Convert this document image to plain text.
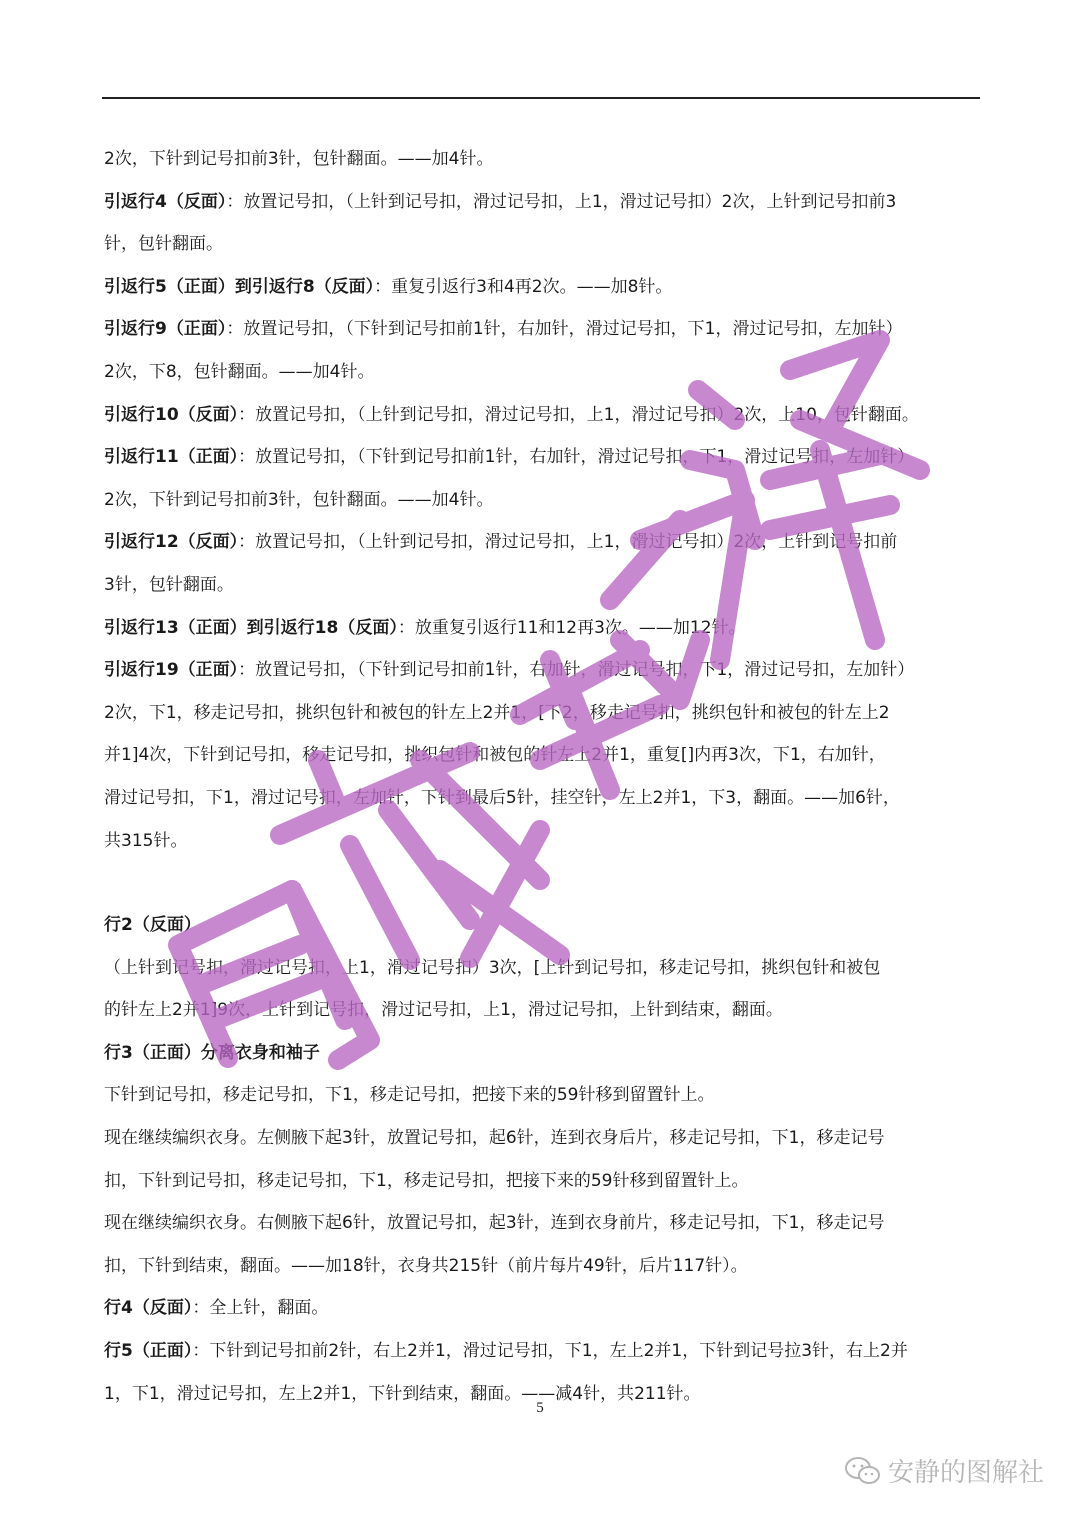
2次，下针到记号扣前3针，包针翻面。——加4针。

引返行4（反面）：放置记号扣，（上针到记号扣，滑过记号扣，上1，滑过记号扣）2次，上针到记号扣前3

针，包针翻面。

引返行5（正面）到引返行8（反面）：重复引返行3和4再2次。——加8针。

引返行9（正面）：放置记号扣，（下针到记号扣前1针，右加针，滑过记号扣，下1，滑过记号扣，左加针）

2次，下8，包针翻面。——加4针。

引返行10（反面）：放置记号扣，（上针到记号扣，滑过记号扣，上1，滑过记号扣）2次，上10，包针翻面。

引返行11（正面）：放置记号扣，（下针到记号扣前1针，右加针，滑过记号扣，下1，滑过记号扣，左加针）

2次，下针到记号扣前3针，包针翻面。——加4针。

引返行12（反面）：放置记号扣，（上针到记号扣，滑过记号扣，上1，滑过记号扣）2次，上针到记号扣前

3针，包针翻面。

引返行13（正面）到引返行18（反面）：放重复引返行11和12再3次。——加12针。

引返行19（正面）：放置记号扣，（下针到记号扣前1针，右加针，滑过记号扣，下1，滑过记号扣，左加针）

2次，下1，移走记号扣，挑织包针和被包的针左上2并1，[下2，移走记号扣，挑织包针和被包的针左上2

并1]4次，下针到记号扣，移走记号扣，挑织包针和被包的针左上2并1，重复[]内再3次，下1，右加针，

滑过记号扣，下1，滑过记号扣，左加针，下针到最后5针，挂空针，左上2并1，下3，翻面。——加6针，

共315针。

行2（反面）

（上针到记号扣，滑过记号扣，上1，滑过记号扣）3次，[上针到记号扣，移走记号扣，挑织包针和被包

的针左上2并1]9次，上针到记号扣，滑过记号扣，上1，滑过记号扣，上针到结束，翻面。

行3（正面）分离衣身和袖子

下针到记号扣，移走记号扣，下1，移走记号扣，把接下来的59针移到留置针上。

现在继续编织衣身。左侧腋下起3针，放置记号扣，起6针，连到衣身后片，移走记号扣，下1，移走记号

扣，下针到记号扣，移走记号扣，下1，移走记号扣，把接下来的59针移到留置针上。

现在继续编织衣身。右侧腋下起6针，放置记号扣，起3针，连到衣身前片，移走记号扣，下1，移走记号

扣，下针到结束，翻面。——加18针，衣身共215针（前片每片49针，后片117针）。

行4（反面）：全上针，翻面。

行5（正面）：下针到记号扣前2针，右上2并1，滑过记号扣，下1，左上2并1，下针到记号拉3针，右上2并

1，下1，滑过记号扣，左上2并1，下针到结束，翻面。——减4针，共211针。

5
安静的图解社
